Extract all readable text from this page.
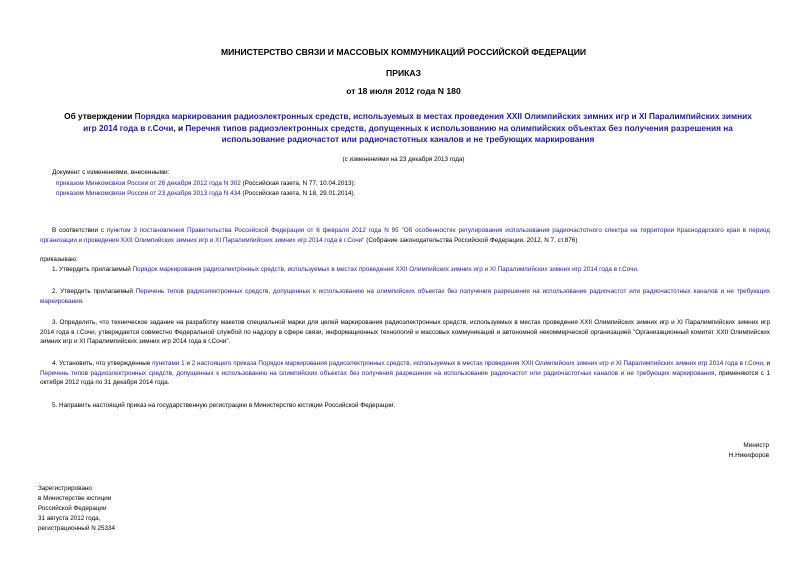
МИНИСТЕРСТВО СВЯЗИ И МАССОВЫХ КОММУНИКАЦИЙ РОССИЙСКОЙ ФЕДЕРАЦИИ
ПРИКАЗ
от 18 июля 2012 года N 180
Об утверждении Порядка маркирования радиоэлектронных средств, используемых в местах проведения XXII Олимпийских зимних игр и XI Паралимпийских зимних игр 2014 года в г.Сочи, и Перечня типов радиоэлектронных средств, допущенных к использованию на олимпийских объектах без получения разрешения на использование радиочастот или радиочастотных каналов и не требующих маркирования
(с изменениями на 23 декабря 2013 года)
Документ с изменениями, внесенными:
приказом Минкомсвязи России от 26 декабря 2012 года N 302 (Российская газета, N 77, 10.04.2013);
приказом Минкомсвязи России от 23 декабря 2013 года N 434 (Российская газета, N 18, 29.01.2014).
В соответствии с пунктом 3 постановления Правительства Российской Федерации от 6 февраля 2012 года N 95 "Об особенностях регулирования использования радиочастотного спектра на территории Краснодарского края в период организации и проведения XXII Олимпийских зимних игр и XI Паралимпийских зимних игр 2014 года в г.Сочи" (Собрание законодательства Российской Федерации, 2012, N 7, ст.876)
приказываю:
1. Утвердить прилагаемый Порядок маркирования радиоэлектронных средств, используемых в местах проведения XXII Олимпийских зимних игр и XI Паралимпийских зимних игр 2014 года в г.Сочи.
2. Утвердить прилагаемый Перечень типов радиоэлектронных средств, допущенных к использованию на олимпийских объектах без получения разрешения на использование радиочастот или радиочастотных каналов и не требующих маркирования.
3. Определить, что техническое задание на разработку макетов специальной марки для целей маркирования радиоэлектронных средств, используемых в местах проведения XXII Олимпийских зимних игр и XI Паралимпийских зимних игр 2014 года в г.Сочи, утверждается совместно Федеральной службой по надзору в сфере связи, информационных технологий и массовых коммуникаций и автономной некоммерческой организацией "Организационный комитет XXII Олимпийских зимних игр и XI Паралимпийских зимних игр 2014 года в г.Сочи".
4. Установить, что утвержденные пунктами 1 и 2 настоящего приказа Порядок маркирования радиоэлектронных средств, используемых в местах проведения XXII Олимпийских зимних игр и XI Паралимпийских зимних игр 2014 года в г.Сочи, и Перечень типов радиоэлектронных средств, допущенных к использованию на олимпийских объектах без получения разрешения на использование радиочастот или радиочастотных каналов и не требующих маркирования, применяются с 1 октября 2012 года по 31 декабря 2014 года.
5. Направить настоящий приказ на государственную регистрацию в Министерство юстиции Российской Федерации.
Министр
Н.Никифоров
Зарегистрировано
в Министерстве юстиции
Российской Федерации
31 августа 2012 года,
регистрационный N 25334
